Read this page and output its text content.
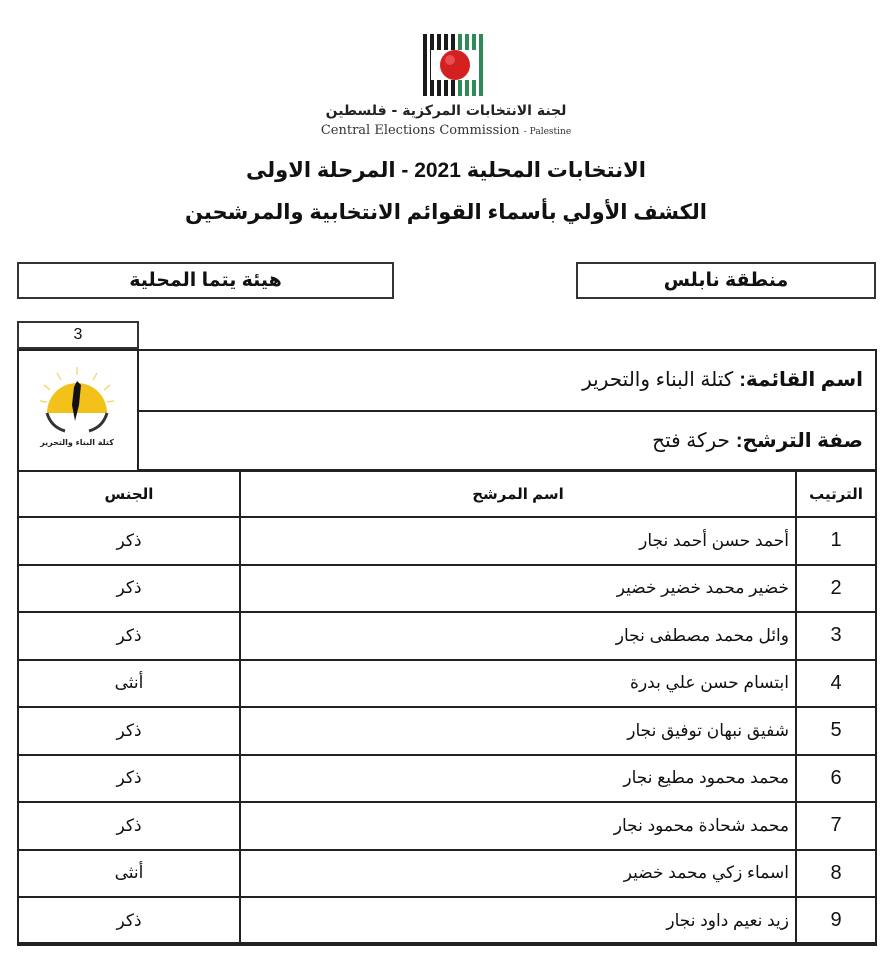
لجنة الانتخابات المركزية - فلسطين
Central Elections Commission - Palestine
الانتخابات المحلية 2021 - المرحلة الاولى
الكشف الأولي بأسماء القوائم الانتخابية والمرشحين
هيئة يتما المحلية	منطقة نابلس
3
كتلة البناء والتحرير
اسم القائمة:
كتلة البناء والتحرير
صفة الترشح:
حركة فتح
الترتيب	اسم المرشح	الجنس
1	أحمد حسن أحمد نجار	ذكر
2	خضير محمد خضير خضير	ذكر
3	وائل محمد مصطفى نجار	ذكر
4	ابتسام حسن علي بدرة	أنثى
5	شفيق نبهان توفيق نجار	ذكر
6	محمد محمود مطيع نجار	ذكر
7	محمد شحادة محمود نجار	ذكر
8	اسماء زكي محمد خضير	أنثى
9	زيد نعيم داود نجار	ذكر
